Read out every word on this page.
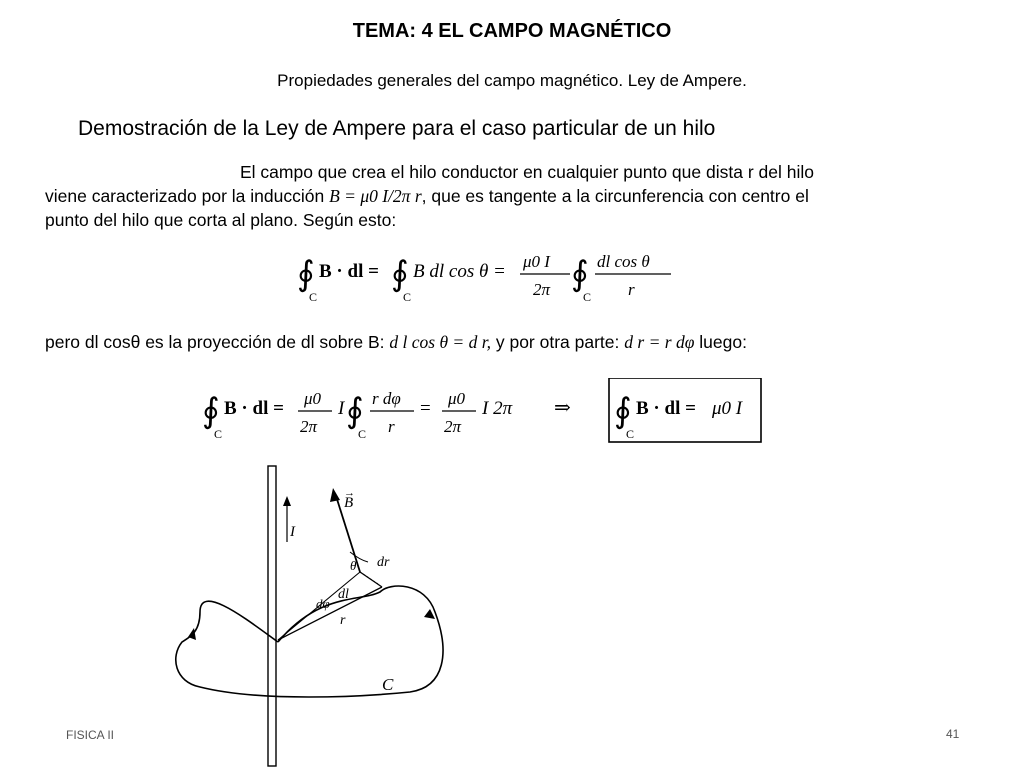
TEMA: 4 EL CAMPO MAGNÉTICO
Propiedades generales del campo magnético. Ley de Ampere.
Demostración de la Ley de Ampere para el caso particular de un hilo
El campo que crea el hilo conductor en cualquier punto que dista r del hilo
viene caracterizado por la inducción B = μ0 I/2π r, que es tangente a la circunferencia con centro el
punto del hilo que corta al plano. Según esto:
∮
C
B · dl = ∮
C
B dl cos θ = μ0 I
2π ∮
C
dl cos θ
r
pero dl cosθ es la proyección de dl sobre B: d l cos θ = d r, y por otra parte: d r = r dφ luego:
∮
C
B · dl = μ0
2π
I ∮
C
r dφ
r
= μ0
2π
I 2π ⇒ ∮
C
B · dl = μ0 I
I
C
B
→
θ dr
dl
dφ
r
FISICA II	41
